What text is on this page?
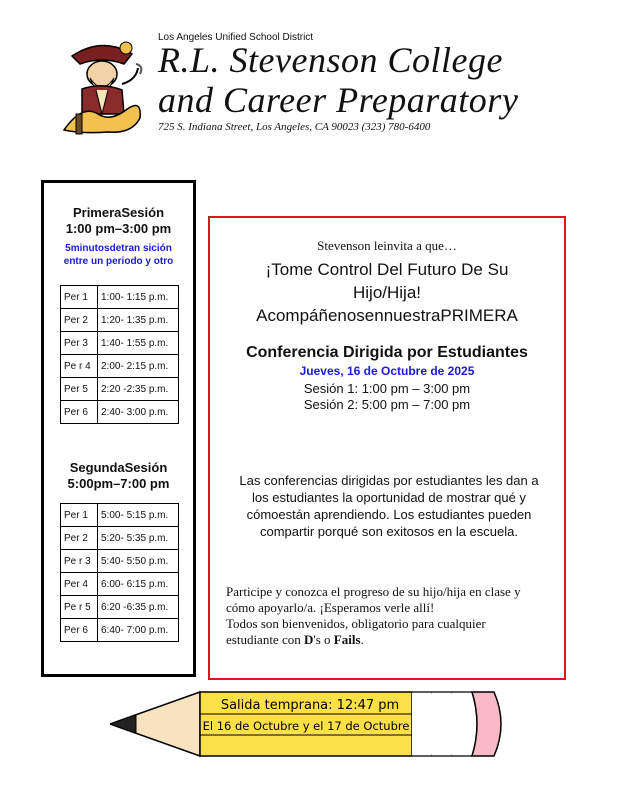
Los Angeles Unified School District
R.L. Stevenson College
and Career Preparatory
725 S. Indiana Street, Los Angeles, CA 90023 (323) 780-6400
PrimeraSesión
1:00 pm–3:00 pm
5minutosdetran sición
entre un periodo y otro
Per 1	1:00- 1:15 p.m.
Per 2	1:20- 1:35 p.m.
Per 3	1:40- 1:55 p.m.
Pe r 4	2:00- 2:15 p.m.
Per 5	2:20 -2:35 p.m.
Per 6	2:40- 3:00 p.m.
SegundaSesión
5:00pm–7:00 pm
Per 1	5:00- 5:15 p.m.
Per 2	5:20- 5:35 p.m.
Pe r 3	5:40- 5:50 p.m.
Per 4	6:00- 6:15 p.m.
Pe r 5	6:20 -6:35 p.m.
Per 6	6:40- 7:00 p.m.
Stevenson leinvita a que…
¡Tome Control Del Futuro De Su
Hijo/Hija!
AcompáñenosennuestraPRIMERA
Conferencia Dirigida por Estudiantes
Jueves, 16 de Octubre de 2025
Sesión 1: 1:00 pm – 3:00 pm
Sesión 2: 5:00 pm – 7:00 pm
Las conferencias dirigidas por estudiantes les dan a los estudiantes la oportunidad de mostrar qué y cómoestán aprendiendo. Los estudiantes pueden compartir porqué son exitosos en la escuela.
Participe y conozca el progreso de su hijo/hija en clase y
cómo apoyarlo/a. ¡Esperamos verle allí!
Todos son bienvenidos, obligatorio para cualquier
estudiante con D's o Fails.
Salida temprana: 12:47 pm
El 16 de Octubre y el 17 de Octubre
